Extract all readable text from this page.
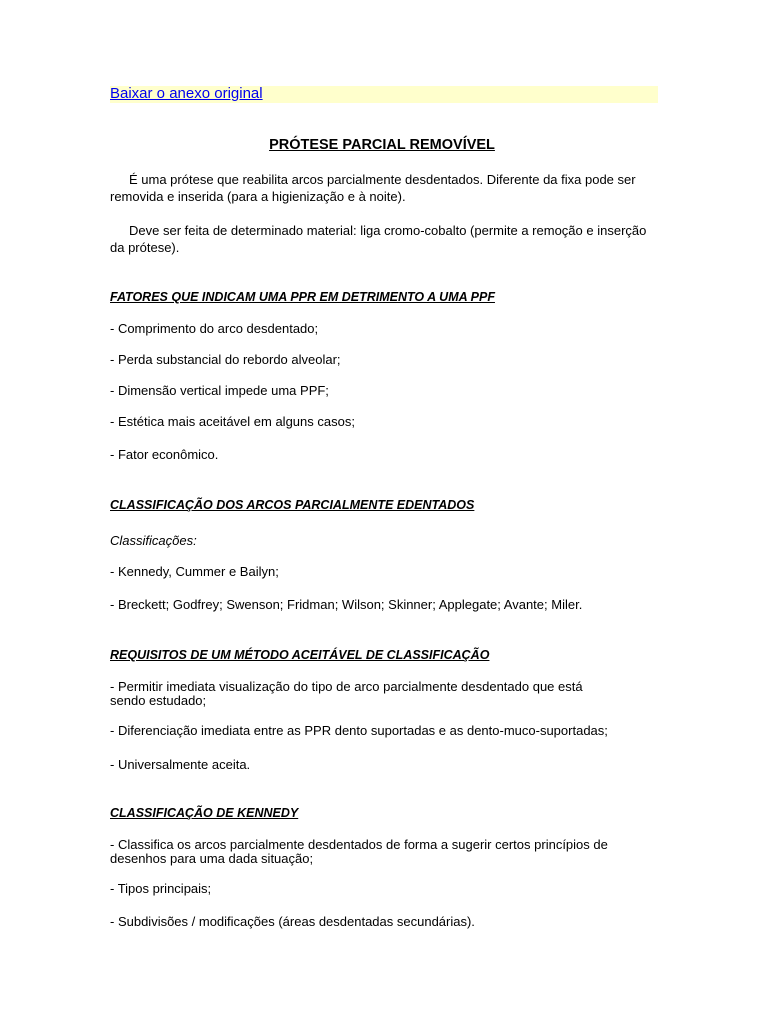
Baixar o anexo original
PRÓTESE PARCIAL REMOVÍVEL
É uma prótese que reabilita arcos parcialmente desdentados. Diferente da fixa pode ser removida e inserida (para a higienização e à noite).
Deve ser feita de determinado material: liga cromo-cobalto (permite a remoção e inserção da prótese).
FATORES QUE INDICAM UMA PPR EM DETRIMENTO A UMA PPF
- Comprimento do arco desdentado;
- Perda substancial do rebordo alveolar;
- Dimensão vertical impede uma PPF;
- Estética mais aceitável em alguns casos;
- Fator econômico.
CLASSIFICAÇÃO DOS ARCOS PARCIALMENTE EDENTADOS
Classificações:
- Kennedy, Cummer e Bailyn;
- Breckett; Godfrey; Swenson; Fridman; Wilson; Skinner; Applegate; Avante; Miler.
REQUISITOS DE UM MÉTODO ACEITÁVEL DE CLASSIFICAÇÃO
- Permitir imediata visualização do tipo de arco parcialmente desdentado que está sendo estudado;
- Diferenciação imediata entre as PPR dento suportadas e as dento-muco-suportadas;
- Universalmente aceita.
CLASSIFICAÇÃO DE KENNEDY
- Classifica os arcos parcialmente desdentados de forma a sugerir certos princípios de desenhos para uma dada situação;
- Tipos principais;
- Subdivisões / modificações (áreas desdentadas secundárias).
